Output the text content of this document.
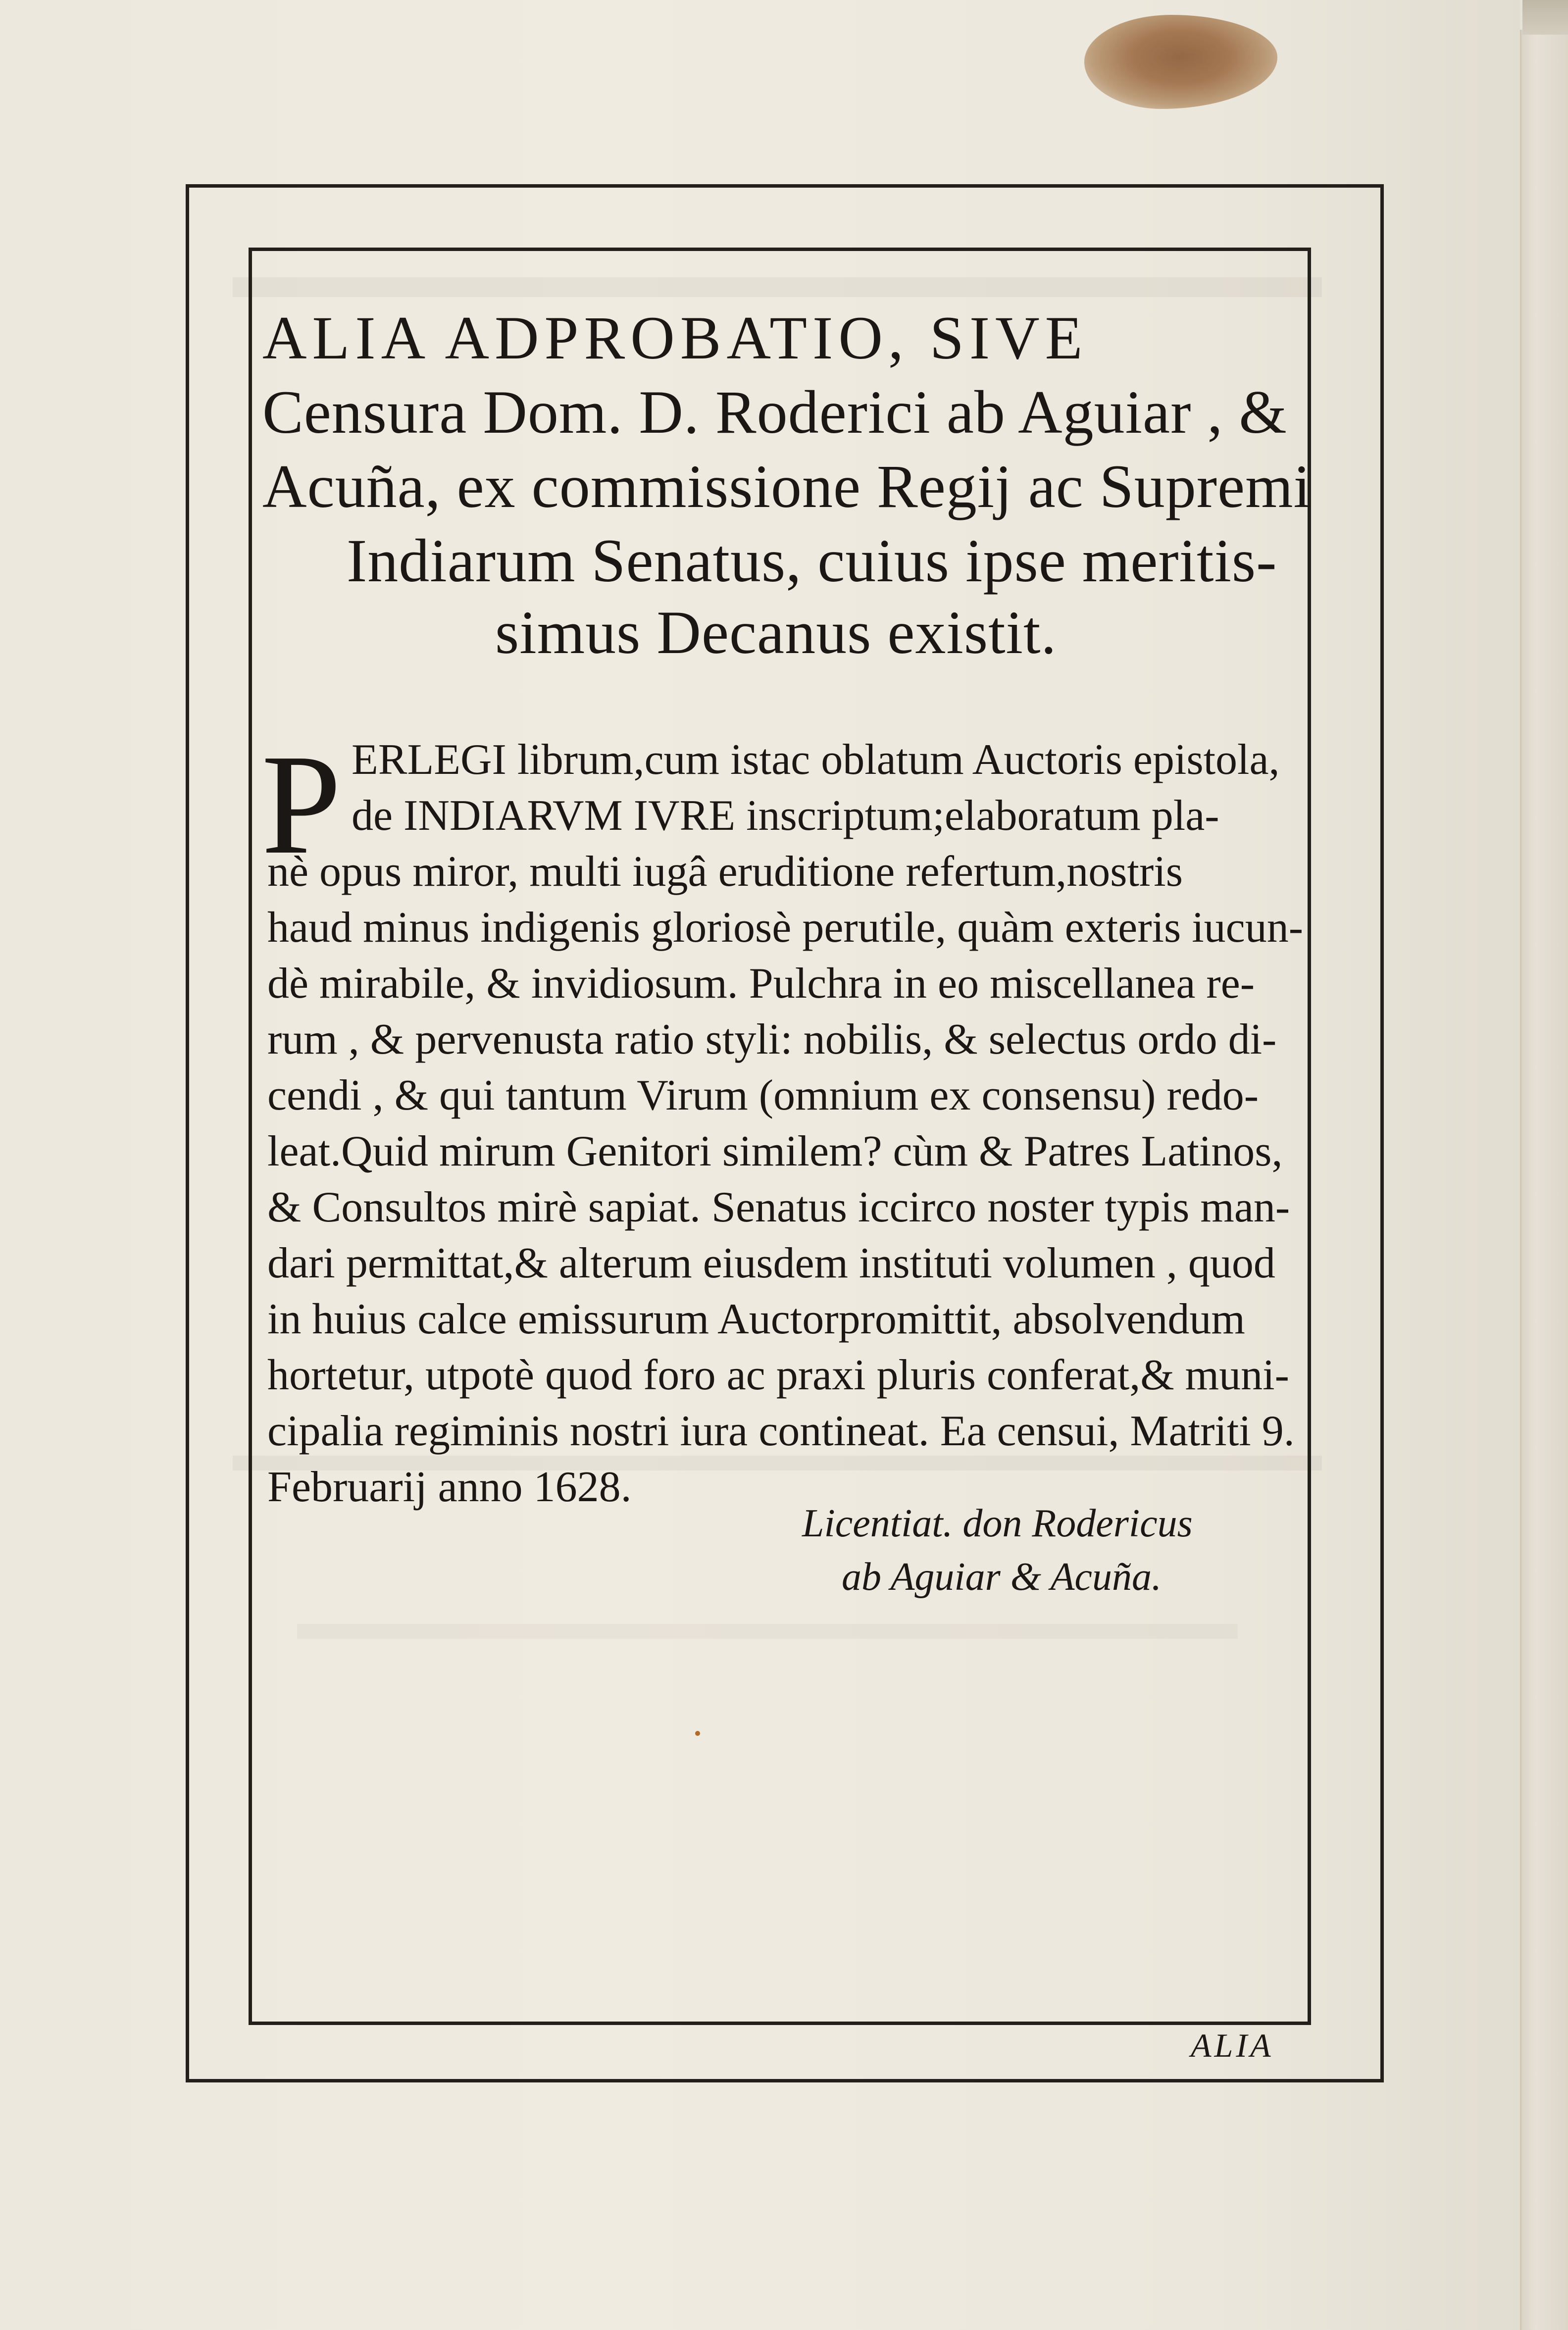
ALIA ADPROBATIO, SIVE
Censura Dom. D. Roderici ab Aguiar , &
Acuña, ex commissione Regij ac Supremi
Indiarum Senatus, cuius ipse meritis-
simus Decanus existit.
P ERLEGI librum,cum istac oblatum Auctoris epistola,
de INDIARVM IVRE inscriptum;elaboratum pla-
nè opus miror, multi iugâ eruditione refertum,nostris
haud minus indigenis gloriosè perutile, quàm exteris iucun-
dè mirabile, & invidiosum. Pulchra in eo miscellanea re-
rum , & pervenusta ratio styli: nobilis, & selectus ordo di-
cendi , & qui tantum Virum (omnium ex consensu) redo-
leat.Quid mirum Genitori similem? cùm & Patres Latinos,
& Consultos mirè sapiat. Senatus iccirco noster typis man-
dari permittat,& alterum eiusdem instituti volumen , quod
in huius calce emissurum Auctorpromittit, absolvendum
hortetur, utpotè quod foro ac praxi pluris conferat,& muni-
cipalia regiminis nostri iura contineat. Ea censui, Matriti 9.
Februarij anno 1628.
Licentiat. don Rodericus
ab Aguiar & Acuña.
ALIA
